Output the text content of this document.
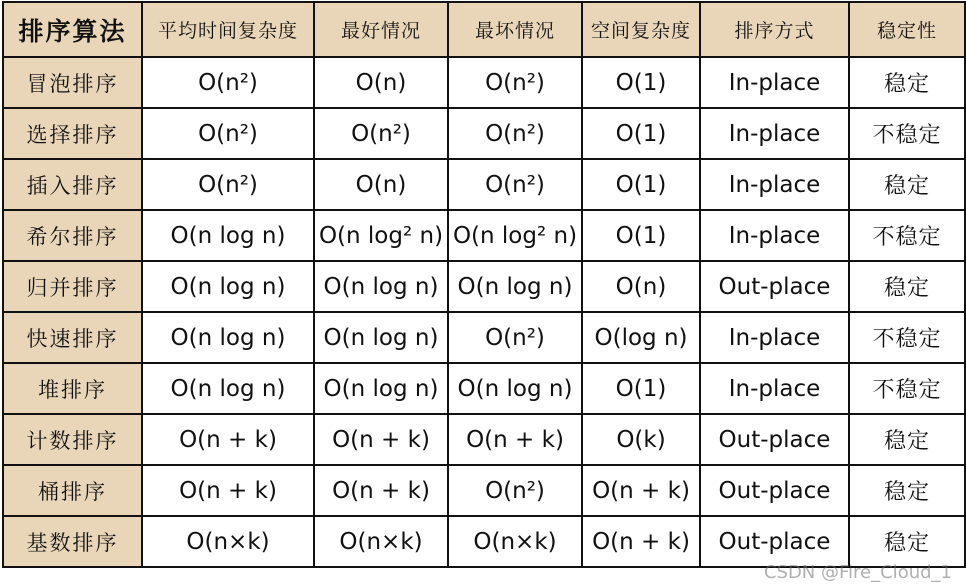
排序算法	平均时间复杂度	最好情况	最坏情况	空间复杂度	排序方式	稳定性
冒泡排序	O(n²)	O(n)	O(n²)	O(1)	In-place	稳定
选择排序	O(n²)	O(n²)	O(n²)	O(1)	In-place	不稳定
插入排序	O(n²)	O(n)	O(n²)	O(1)	In-place	稳定
希尔排序	O(n log n)	O(n log² n)	O(n log² n)	O(1)	In-place	不稳定
归并排序	O(n log n)	O(n log n)	O(n log n)	O(n)	Out-place	稳定
快速排序	O(n log n)	O(n log n)	O(n²)	O(log n)	In-place	不稳定
堆排序	O(n log n)	O(n log n)	O(n log n)	O(1)	In-place	不稳定
计数排序	O(n + k)	O(n + k)	O(n + k)	O(k)	Out-place	稳定
桶排序	O(n + k)	O(n + k)	O(n²)	O(n + k)	Out-place	稳定
基数排序	O(n×k)	O(n×k)	O(n×k)	O(n + k)	Out-place	稳定
CSDN @Fire_Cloud_1
